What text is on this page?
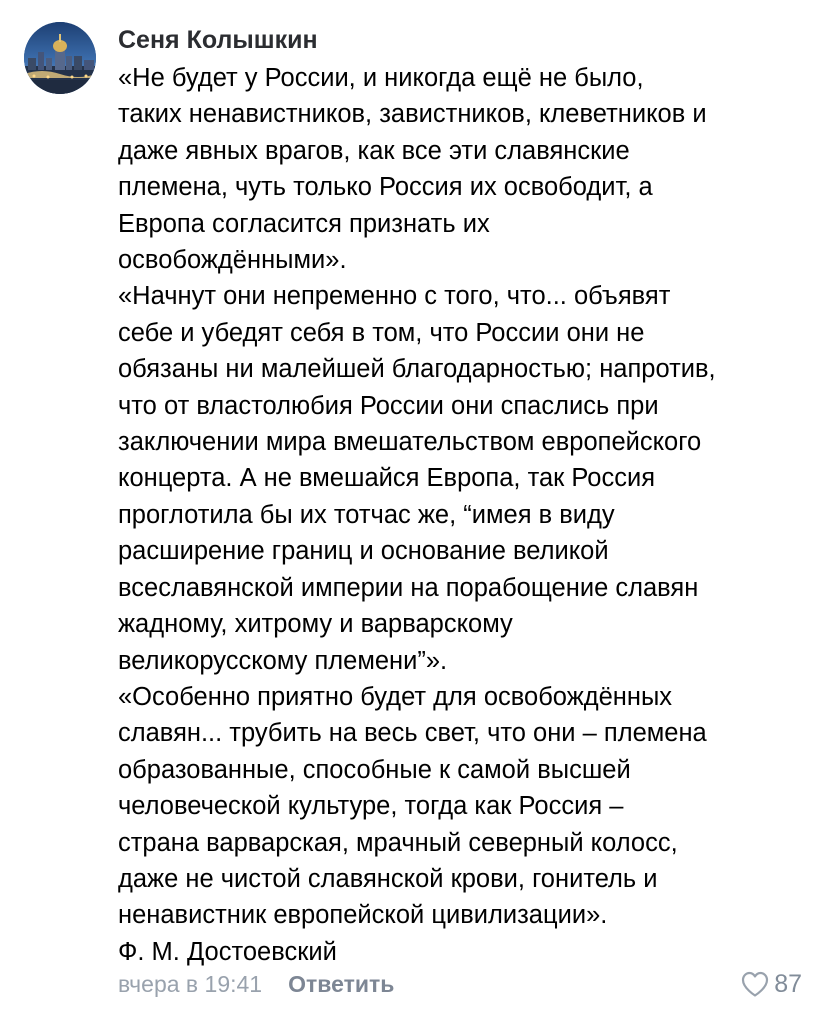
Сеня Колышкин

«Не будет у России, и никогда ещё не было,

таких ненавистников, завистников, клеветников и

даже явных врагов, как все эти славянские

племена, чуть только Россия их освободит, а

Европа согласится признать их

освобождёнными».

«Начнут они непременно с того, что... объявят

себе и убедят себя в том, что России они не

обязаны ни малейшей благодарностью; напротив,

что от властолюбия России они спаслись при

заключении мира вмешательством европейского

концерта. А не вмешайся Европа, так Россия

проглотила бы их тотчас же, “имея в виду

расширение границ и основание великой

всеславянской империи на порабощение славян

жадному, хитрому и варварскому

великорусскому племени”».

«Особенно приятно будет для освобождённых

славян... трубить на весь свет, что они – племена

образованные, способные к самой высшей

человеческой культуре, тогда как Россия –

страна варварская, мрачный северный колосс,

даже не чистой славянской крови, гонитель и

ненавистник европейской цивилизации».

Ф. М. Достоевский

вчера в 19:41 Ответить	87
